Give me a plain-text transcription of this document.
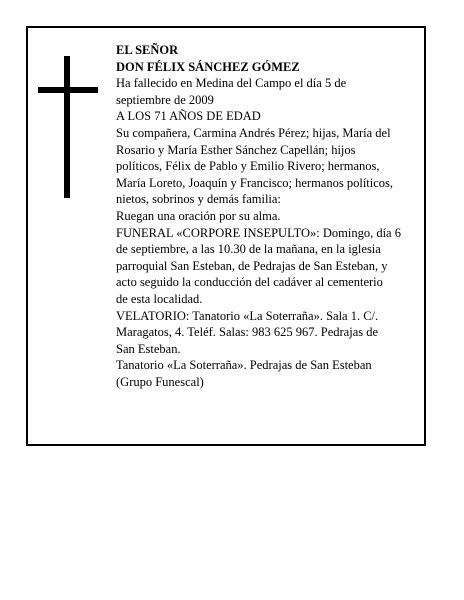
EL SEÑOR

DON FÉLIX SÁNCHEZ GÓMEZ

Ha fallecido en Medina del Campo el día 5 de

septiembre de 2009

A LOS 71 AÑOS DE EDAD

Su compañera, Carmina Andrés Pérez; hijas, María del

Rosario y María Esther Sánchez Capellán; hijos

políticos, Félix de Pablo y Emilio Rivero; hermanos,

María Loreto, Joaquín y Francisco; hermanos políticos,

nietos, sobrinos y demás familia:

Ruegan una oración por su alma.

FUNERAL «CORPORE INSEPULTO»: Domingo, día 6

de septiembre, a las 10.30 de la mañana, en la iglesia

parroquial San Esteban, de Pedrajas de San Esteban, y

acto seguido la conducción del cadáver al cementerio

de esta localidad.

VELATORIO: Tanatorio «La Soterraña». Sala 1. C/.

Maragatos, 4. Teléf. Salas: 983 625 967. Pedrajas de

San Esteban.

Tanatorio «La Soterraña». Pedrajas de San Esteban

(Grupo Funescal)
